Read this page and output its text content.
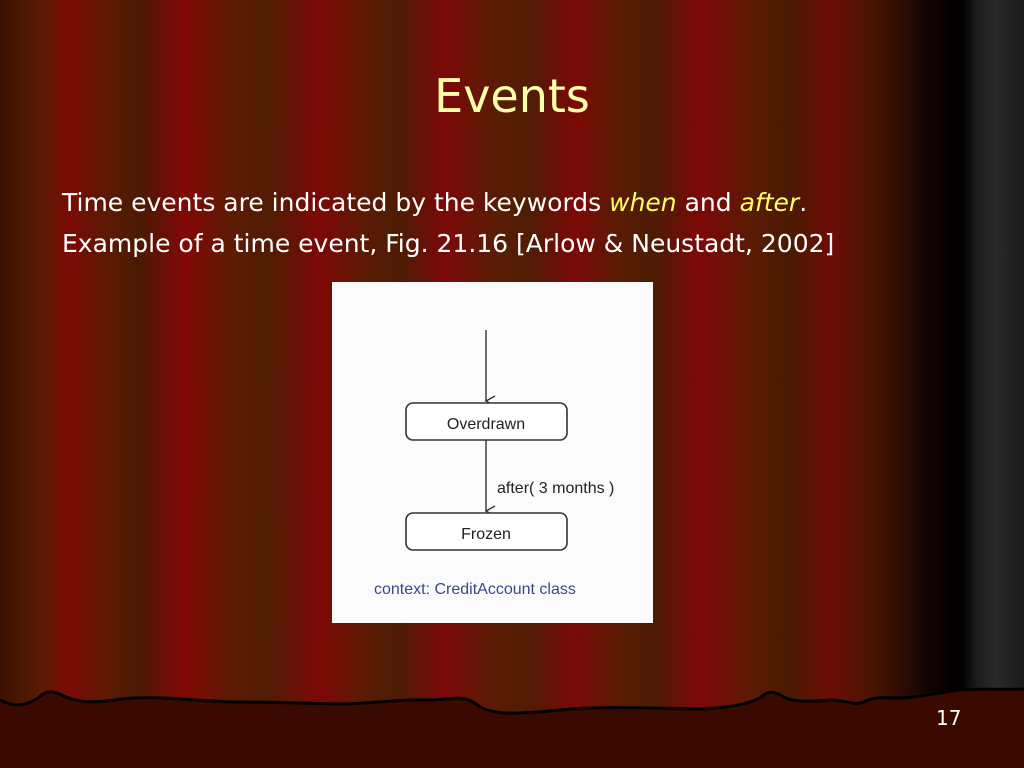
Events
Time events are indicated by the keywords when and after.
Example of a time event, Fig. 21.16 [Arlow & Neustadt, 2002]
Overdrawn
after( 3 months )
Frozen
context: CreditAccount class
17
